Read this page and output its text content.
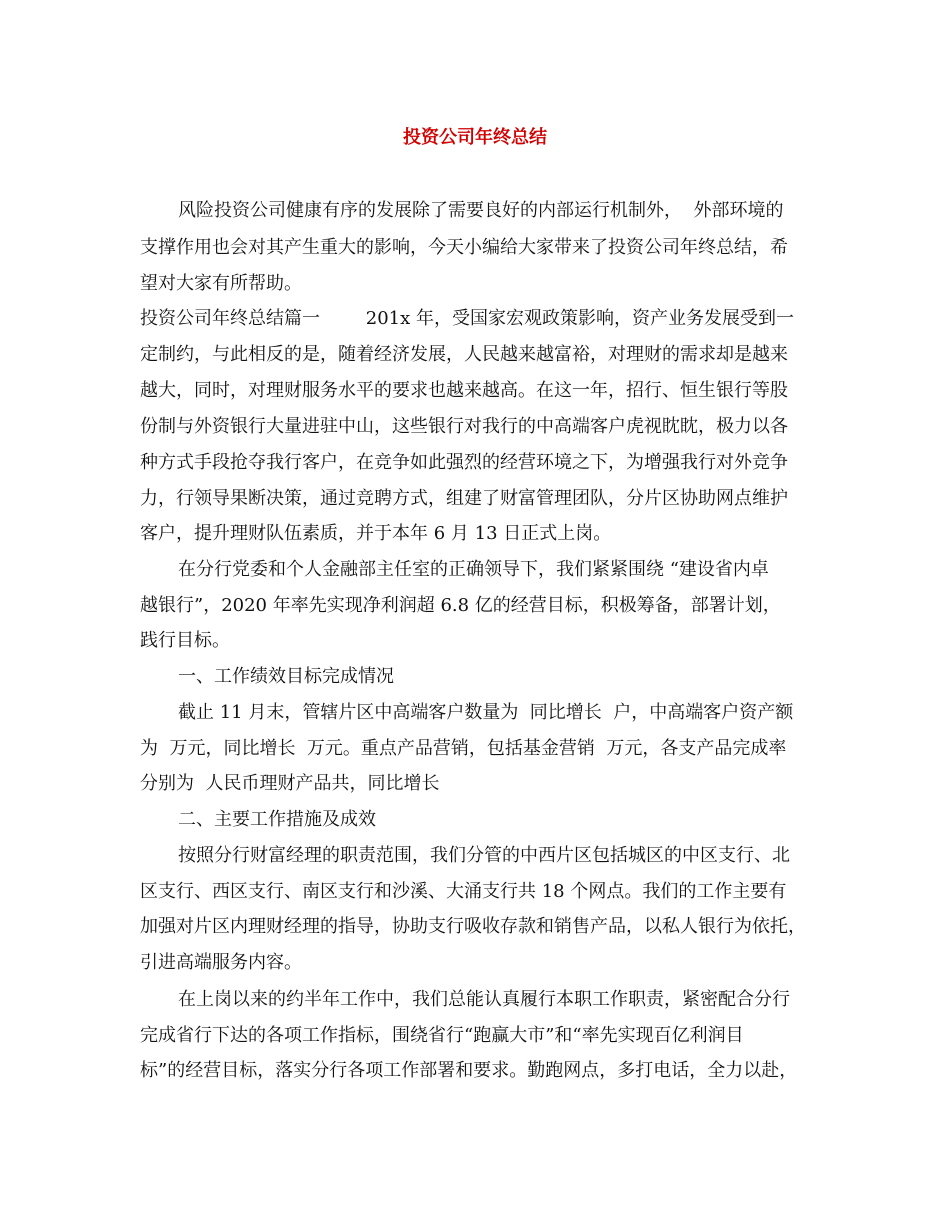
投资公司年终总结
风险投资公司健康有序的发展除了需要良好的内部运行机制外，  外部环境的
支撑作用也会对其产生重大的影响，今天小编给大家带来了投资公司年终总结，希
望对大家有所帮助。
投资公司年终总结篇一        201x 年，受国家宏观政策影响，资产业务发展受到一
定制约，与此相反的是，随着经济发展，人民越来越富裕，对理财的需求却是越来
越大，同时，对理财服务水平的要求也越来越高。在这一年，招行、恒生银行等股
份制与外资银行大量进驻中山，这些银行对我行的中高端客户虎视眈眈，极力以各
种方式手段抢夺我行客户，在竞争如此强烈的经营环境之下，为增强我行对外竞争
力，行领导果断决策，通过竞聘方式，组建了财富管理团队，分片区协助网点维护
客户，提升理财队伍素质，并于本年 6 月 13 日正式上岗。
在分行党委和个人金融部主任室的正确领导下，我们紧紧围绕 “建设省内卓
越银行”，2020 年率先实现净利润超 6.8 亿的经营目标，积极筹备，部署计划，
践行目标。
一、工作绩效目标完成情况
截止 11 月末，管辖片区中高端客户数量为  同比增长  户，中高端客户资产额
为  万元，同比增长  万元。重点产品营销，包括基金营销  万元，各支产品完成率
分别为  人民币理财产品共，同比增长
二、主要工作措施及成效
按照分行财富经理的职责范围，我们分管的中西片区包括城区的中区支行、北
区支行、西区支行、南区支行和沙溪、大涌支行共 18 个网点。我们的工作主要有
加强对片区内理财经理的指导，协助支行吸收存款和销售产品，以私人银行为依托，
引进高端服务内容。
在上岗以来的约半年工作中，我们总能认真履行本职工作职责，紧密配合分行
完成省行下达的各项工作指标，围绕省行“跑赢大市”和“率先实现百亿利润目
标”的经营目标，落实分行各项工作部署和要求。勤跑网点，多打电话，全力以赴，
